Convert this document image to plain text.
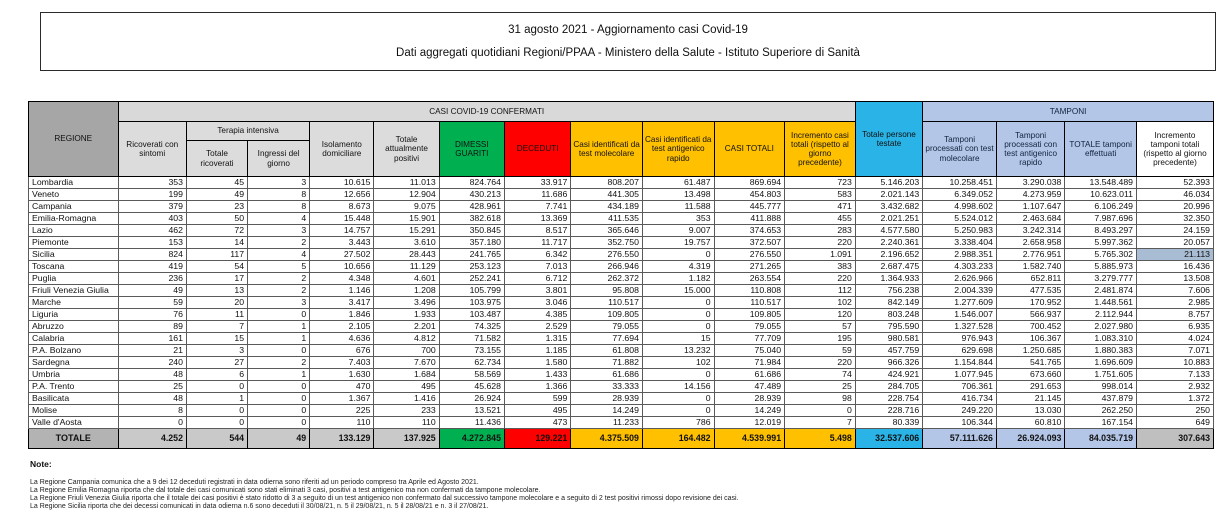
31 agosto 2021 - Aggiornamento casi Covid-19
Dati aggregati quotidiani Regioni/PPAA - Ministero della Salute - Istituto Superiore di Sanità
REGIONE	CASI COVID-19 CONFERMATI											Totale persone testate	TAMPONI			
	Ricoverati con sintomi	Terapia intensiva		Isolamento domiciliare	Totale attualmente positivi	DIMESSI GUARITI	DECEDUTI	Casi identificati da test molecolare	Casi identificati da test antigenico rapido	CASI TOTALI	Incremento casi totali (rispetto al giorno precedente)		Tamponi processati con test molecolare	Tamponi processati con test antigenico rapido	TOTALE tamponi effettuati	Incremento tamponi totali (rispetto al giorno precedente)
		Totale ricoverati	Ingressi del giorno													
Lombardia	353	45	3	10.615	11.013	824.764	33.917	808.207	61.487	869.694	723	5.146.203	10.258.451	3.290.038	13.548.489	52.393
Veneto	199	49	8	12.656	12.904	430.213	11.686	441.305	13.498	454.803	583	2.021.143	6.349.052	4.273.959	10.623.011	46.034
Campania	379	23	8	8.673	9.075	428.961	7.741	434.189	11.588	445.777	471	3.432.682	4.998.602	1.107.647	6.106.249	20.996
Emilia-Romagna	403	50	4	15.448	15.901	382.618	13.369	411.535	353	411.888	455	2.021.251	5.524.012	2.463.684	7.987.696	32.350
Lazio	462	72	3	14.757	15.291	350.845	8.517	365.646	9.007	374.653	283	4.577.580	5.250.983	3.242.314	8.493.297	24.159
Piemonte	153	14	2	3.443	3.610	357.180	11.717	352.750	19.757	372.507	220	2.240.361	3.338.404	2.658.958	5.997.362	20.057
Sicilia	824	117	4	27.502	28.443	241.765	6.342	276.550	0	276.550	1.091	2.196.652	2.988.351	2.776.951	5.765.302	21.113
Toscana	419	54	5	10.656	11.129	253.123	7.013	266.946	4.319	271.265	383	2.687.475	4.303.233	1.582.740	5.885.973	16.436
Puglia	236	17	2	4.348	4.601	252.241	6.712	262.372	1.182	263.554	220	1.364.933	2.626.966	652.811	3.279.777	13.508
Friuli Venezia Giulia	49	13	2	1.146	1.208	105.799	3.801	95.808	15.000	110.808	112	756.238	2.004.339	477.535	2.481.874	7.606
Marche	59	20	3	3.417	3.496	103.975	3.046	110.517	0	110.517	102	842.149	1.277.609	170.952	1.448.561	2.985
Liguria	76	11	0	1.846	1.933	103.487	4.385	109.805	0	109.805	120	803.248	1.546.007	566.937	2.112.944	8.757
Abruzzo	89	7	1	2.105	2.201	74.325	2.529	79.055	0	79.055	57	795.590	1.327.528	700.452	2.027.980	6.935
Calabria	161	15	1	4.636	4.812	71.582	1.315	77.694	15	77.709	195	980.581	976.943	106.367	1.083.310	4.024
P.A. Bolzano	21	3	0	676	700	73.155	1.185	61.808	13.232	75.040	59	457.759	629.698	1.250.685	1.880.383	7.071
Sardegna	240	27	2	7.403	7.670	62.734	1.580	71.882	102	71.984	220	966.326	1.154.844	541.765	1.696.609	10.883
Umbria	48	6	1	1.630	1.684	58.569	1.433	61.686	0	61.686	74	424.921	1.077.945	673.660	1.751.605	7.133
P.A. Trento	25	0	0	470	495	45.628	1.366	33.333	14.156	47.489	25	284.705	706.361	291.653	998.014	2.932
Basilicata	48	1	0	1.367	1.416	26.924	599	28.939	0	28.939	98	228.754	416.734	21.145	437.879	1.372
Molise	8	0	0	225	233	13.521	495	14.249	0	14.249	0	228.716	249.220	13.030	262.250	250
Valle d'Aosta	0	0	0	110	110	11.436	473	11.233	786	12.019	7	80.339	106.344	60.810	167.154	649
TOTALE	4.252	544	49	133.129	137.925	4.272.845	129.221	4.375.509	164.482	4.539.991	5.498	32.537.606	57.111.626	26.924.093	84.035.719	307.643
Note:
La Regione Campania comunica che a 9 dei 12 deceduti registrati in data odierna sono riferiti ad un periodo compreso tra Aprile ed Agosto 2021.
La Regione Emilia Romagna riporta che dal totale dei casi comunicati sono stati eliminati 3 casi, positivi a test antigenico ma non confermati da tampone molecolare.
La Regione Friuli Venezia Giulia riporta che il totale dei casi positivi è stato ridotto di 3 a seguito di un test antigenico non confermato dal successivo tampone molecolare e a seguito di 2 test positivi rimossi dopo revisione dei casi.
La Regione Sicilia riporta che dei decessi comunicati in data odierna n.6 sono deceduti il 30/08/21, n. 5 il 29/08/21, n. 5 il 28/08/21 e n. 3 il 27/08/21.
